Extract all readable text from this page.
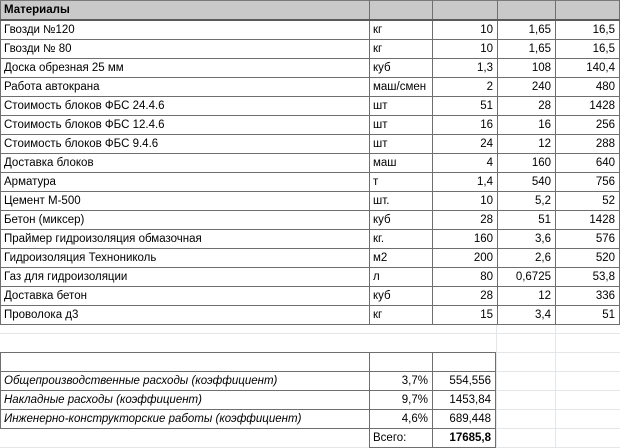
Материалы				
Гвозди №120	кг	10	1,65	16,5
Гвозди № 80	кг	10	1,65	16,5
Доска обрезная 25 мм	куб	1,3	108	140,4
Работа автокрана	маш/смен	2	240	480
Стоимость блоков ФБС 24.4.6	шт	51	28	1428
Стоимость блоков ФБС 12.4.6	шт	16	16	256
Стоимость блоков ФБС 9.4.6	шт	24	12	288
Доставка блоков	маш	4	160	640
Арматура	т	1,4	540	756
Цемент М-500	шт.	10	5,2	52
Бетон (миксер)	куб	28	51	1428
Праймер гидроизоляция обмазочная	кг.	160	3,6	576
Гидроизоляция Технониколь	м2	200	2,6	520
Газ для гидроизоляции	л	80	0,6725	53,8
Доставка бетон	куб	28	12	336
Проволока д3	кг	15	3,4	51

Общепроизводственные расходы (коэффициент)	3,7%	554,556
Накладные расходы (коэффициент)	9,7%	1453,84
Инженерно-конструкторские работы (коэффициент)	4,6%	689,448
	Всего:	17685,8
